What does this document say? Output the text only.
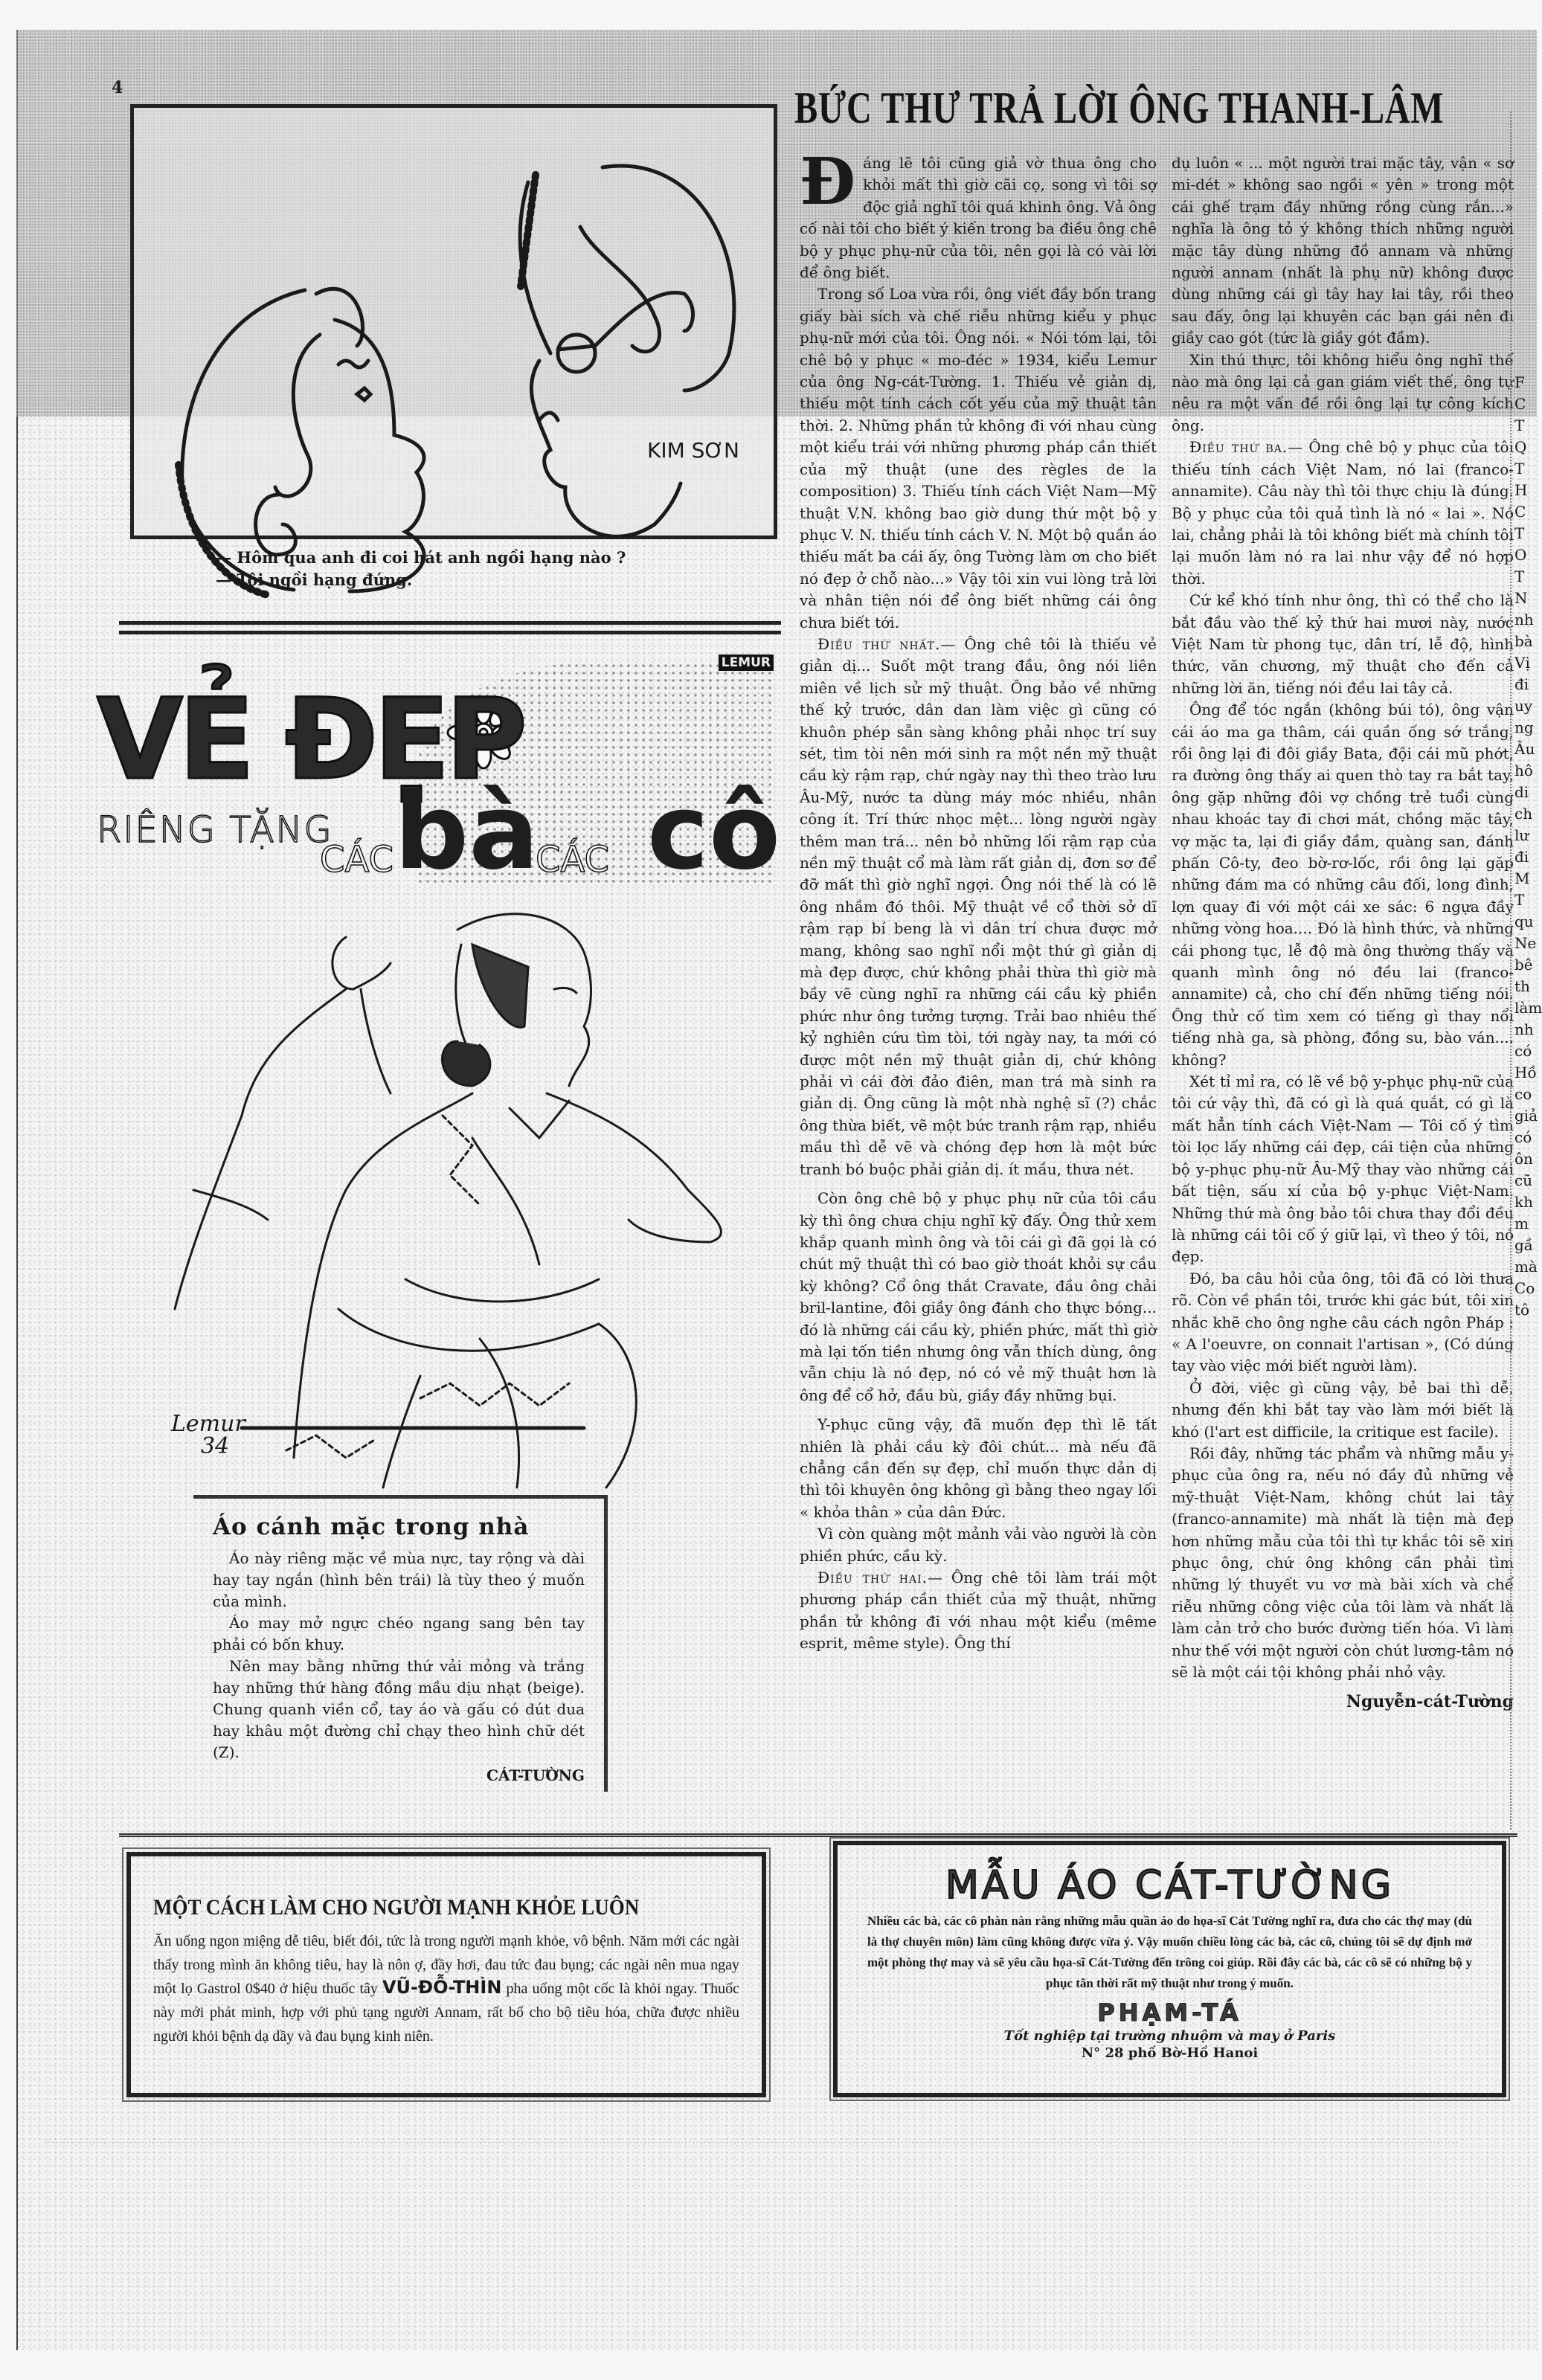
4
KIM SƠN
— Hôm qua anh đi coi hát anh ngồi hạng nào ?
— Tôi ngồi hạng đứng.
LEMUR
VẺ ĐẸP
RIÊNG TẶNG
CÁC bà
CÁC cô
Lemur
34
Áo cánh mặc trong nhà

Áo này riêng mặc về mùa nực, tay rộng và dài hay tay ngắn (hình bên trái) là tùy theo ý muốn của mình.

Áo may mở ngực chéo ngang sang bên tay phải có bốn khuy.

Nên may bằng những thứ vải mỏng và trắng hay những thứ hàng đồng mầu dịu nhạt (beige). Chung quanh viền cổ, tay áo và gấu có dút dua hay khâu một đường chỉ chạy theo hình chữ dét (Z).

CÁT-TƯỜNG
BỨC THƯ TRẢ LỜI ÔNG THANH-LÂM

Đáng lẽ tôi cũng giả vờ thua ông cho khỏi mất thì giờ cãi cọ, song vì tôi sợ độc giả nghĩ tôi quá khinh ông. Vả ông cố nài tôi cho biết ý kiến trong ba điều ông chê bộ y phục phụ-nữ của tôi, nên gọi là có vài lời để ông biết.

Trong số Loa vừa rồi, ông viết đầy bốn trang giấy bài sích và chế riễu những kiểu y phục phụ-nữ mới của tôi. Ông nói. « Nói tóm lại, tôi chê bộ y phục « mo-đéc » 1934, kiểu Lemur của ông Ng-cát-Tường. 1. Thiếu vẻ giản dị, thiếu một tính cách cốt yếu của mỹ thuật tân thời. 2. Những phần tử không đi với nhau cùng một kiểu trái với những phương pháp cần thiết của mỹ thuật (une des règles de la composition) 3. Thiếu tính cách Việt Nam—Mỹ thuật V.N. không bao giờ dung thứ một bộ y phục V. N. thiếu tính cách V. N. Một bộ quần áo thiếu mất ba cái ấy, ông Tường làm ơn cho biết nó đẹp ở chỗ nào...» Vậy tôi xin vui lòng trả lời và nhân tiện nói để ông biết những cái ông chưa biết tới.

Điều thứ nhất.— Ông chê tôi là thiếu vẻ giản dị... Suốt một trang đầu, ông nói liên miên về lịch sử mỹ thuật. Ông bảo về những thế kỷ trước, dân dan làm việc gì cũng có khuôn phép sẵn sàng không phải nhọc trí suy sét, tìm tòi nên mới sinh ra một nền mỹ thuật cầu kỳ rậm rạp, chứ ngày nay thì theo trào lưu Âu-Mỹ, nước ta dùng máy móc nhiều, nhân công ít. Trí thức nhọc mệt... lòng người ngày thêm man trá... nên bỏ những lối rậm rạp của nền mỹ thuật cổ mà làm rất giản dị, đơn sơ để đỡ mất thì giờ nghĩ ngợi. Ông nói thế là có lẽ ông nhầm đó thôi. Mỹ thuật về cổ thời sở dĩ rậm rạp bí beng là vì dân trí chưa được mở mang, không sao nghĩ nổi một thứ gì giản dị mà đẹp được, chứ không phải thừa thì giờ mà bầy vẽ cùng nghĩ ra những cái cầu kỳ phiền phức như ông tưởng tượng. Trải bao nhiêu thế kỷ nghiên cứu tìm tòi, tới ngày nay, ta mới có được một nền mỹ thuật giản dị, chứ không phải vì cái đời đảo điên, man trá mà sinh ra giản dị. Ông cũng là một nhà nghệ sĩ (?) chắc ông thừa biết, vẽ một bức tranh rậm rạp, nhiều mầu thì dễ vẽ và chóng đẹp hơn là một bức tranh bó buộc phải giản dị. ít mầu, thưa nét.

Còn ông chê bộ y phục phụ nữ của tôi cầu kỳ thì ông chưa chịu nghĩ kỹ đấy. Ông thử xem khắp quanh mình ông và tôi cái gì đã gọi là có chút mỹ thuật thì có bao giờ thoát khỏi sự cầu kỳ không? Cổ ông thắt Cravate, đầu ông chải bril-lantine, đôi giầy ông đánh cho thực bóng... đó là những cái cầu kỳ, phiền phức, mất thì giờ mà lại tốn tiền nhưng ông vẫn thích dùng, ông vẫn chịu là nó đẹp, nó có vẻ mỹ thuật hơn là ông để cổ hở, đầu bù, giầy đầy những bụi.

Y-phục cũng vậy, đã muốn đẹp thì lẽ tất nhiên là phải cầu kỳ đôi chút... mà nếu đã chẳng cần đến sự đẹp, chỉ muốn thực dản dị thì tôi khuyên ông không gì bằng theo ngay lối « khỏa thân » của dân Đức.

Vì còn quàng một mảnh vải vào người là còn phiền phức, cầu kỳ.

Điều thứ hai.— Ông chê tôi làm trái một phương pháp cần thiết của mỹ thuật, những phần tử không đi với nhau một kiểu (même esprit, même style). Ông thí

dụ luôn « ... một người trai mặc tây, vận « sơ mi-dét » không sao ngồi « yên » trong một cái ghế trạm đầy những rồng cùng rắn...» nghĩa là ông tỏ ý không thích những người mặc tây dùng những đồ annam và những người annam (nhất là phụ nữ) không được dùng những cái gì tây hay lai tây, rồi theo sau đấy, ông lại khuyên các bạn gái nên đi giầy cao gót (tức là giầy gót đầm).

Xin thú thực, tôi không hiểu ông nghĩ thế nào mà ông lại cả gan giám viết thế, ông tự nêu ra một vấn đề rồi ông lại tự công kích ông.

Điều thứ ba.— Ông chê bộ y phục của tôi thiếu tính cách Việt Nam, nó lai (franco-annamite). Câu này thì tôi thực chịu là đúng. Bộ y phục của tôi quả tình là nó « lai ». Nó lai, chẳng phải là tôi không biết mà chính tôi lại muốn làm nó ra lai như vậy để nó hợp thời.

Cứ kể khó tính như ông, thì có thể cho là bắt đầu vào thế kỷ thứ hai mươi này, nước Việt Nam từ phong tục, dân trí, lễ độ, hình thức, văn chương, mỹ thuật cho đến cả những lời ăn, tiếng nói đều lai tây cả.

Ông để tóc ngắn (không búi tó), ông vận cái áo ma ga thâm, cái quần ống sớ trắng, rồi ông lại đi đôi giầy Bata, đội cái mũ phớt, ra đường ông thấy ai quen thò tay ra bắt tay, ông gặp những đôi vợ chồng trẻ tuổi cùng nhau khoác tay đi chơi mát, chồng mặc tây, vợ mặc ta, lại đi giầy đầm, quàng san, đánh phấn Cô-ty, đeo bờ-rơ-lốc, rồi ông lại gặp những đám ma có những câu đối, long đình, lợn quay đi với một cái xe sác: 6 ngựa đầy những vòng hoa.... Đó là hình thức, và những cái phong tục, lễ độ mà ông thường thấy và quanh mình ông nó đều lai (franco-annamite) cả, cho chí đến những tiếng nói. Ông thử cố tìm xem có tiếng gì thay nổi tiếng nhà ga, sà phòng, đồng su, bào ván.... không?

Xét tỉ mỉ ra, có lẽ về bộ y-phục phụ-nữ của tôi cứ vậy thì, đã có gì là quá quắt, có gì là mất hẳn tính cách Việt-Nam — Tôi cố ý tìm tòi lọc lấy những cái đẹp, cái tiện của những bộ y-phục phụ-nữ Âu-Mỹ thay vào những cái bất tiện, sấu xí của bộ y-phục Việt-Nam. Những thứ mà ông bảo tôi chưa thay đổi đều là những cái tôi cố ý giữ lại, vì theo ý tôi, nó đẹp.

Đó, ba câu hỏi của ông, tôi đã có lời thưa rõ. Còn về phần tôi, trước khi gác bút, tôi xin nhắc khẽ cho ông nghe câu cách ngôn Pháp : « A l'oeuvre, on connait l'artisan », (Có dúng tay vào việc mới biết người làm).

Ở đời, việc gì cũng vậy, bẻ bai thì dễ, nhưng đến khi bắt tay vào làm mới biết là khó (l'art est difficile, la critique est facile).

Rồi đây, những tác phẩm và những mẫu y-phục của ông ra, nếu nó đầy đủ những vẻ mỹ-thuật Việt-Nam, không chút lai tây (franco-annamite) mà nhất là tiện mà đẹp hơn những mẫu của tôi thì tự khắc tôi sẽ xin phục ông, chứ ông không cần phải tìm những lý thuyết vu vơ mà bài xích và chế riễu những công việc của tôi làm và nhất là làm cản trở cho bước đường tiến hóa. Vì làm như thế với một người còn chút lương-tâm nó sẽ là một cái tội không phải nhỏ vậy.

Nguyễn-cát-Tường
F
C
T
Q
T
H
C
T
O
T
N
nh
bà
Vị
đi
uy
ng
Âu
hô
di
ch
lư
đi
M
T
qu
Ne
bê
th
làm
nh
có
Hồ
co
giả
có
ôn
cũ
kh
m
gầ
mà
Co
tô
MỘT CÁCH LÀM CHO NGƯỜI MẠNH KHỎE LUÔN

Ăn uống ngon miệng dễ tiêu, biết đói, tức là trong người mạnh khỏe, vô bệnh. Năm mới các ngài thấy trong mình ăn không tiêu, hay là nôn ợ, đầy hơi, đau tức đau bụng; các ngài nên mua ngay một lọ Gastrol 0$40 ở hiệu thuốc tây VŨ-ĐỖ-THÌN pha uống một cốc là khỏi ngay. Thuốc này mới phát minh, hợp với phủ tạng người Annam, rất bổ cho bộ tiêu hóa, chữa được nhiều người khỏi bệnh dạ dầy và đau bụng kinh niên.

MẪU ÁO CÁT-TƯỜNG

Nhiều các bà, các cô phàn nàn rằng những mẫu quần áo do họa-sĩ Cát Tường nghĩ ra, đưa cho các thợ may (dù là thợ chuyên môn) làm cũng không được vừa ý. Vậy muốn chiều lòng các bà, các cô, chúng tôi sẽ dự định mở một phòng thợ may và sẽ yêu cầu họa-sĩ Cát-Tường đến trông coi giúp. Rồi đây các bà, các cô sẽ có những bộ y phục tân thời rất mỹ thuật như trong ý muốn.

PHẠM-TÁ
Tốt nghiệp tại trường nhuộm và may ở Paris
N° 28 phố Bờ-Hồ Hanoi
